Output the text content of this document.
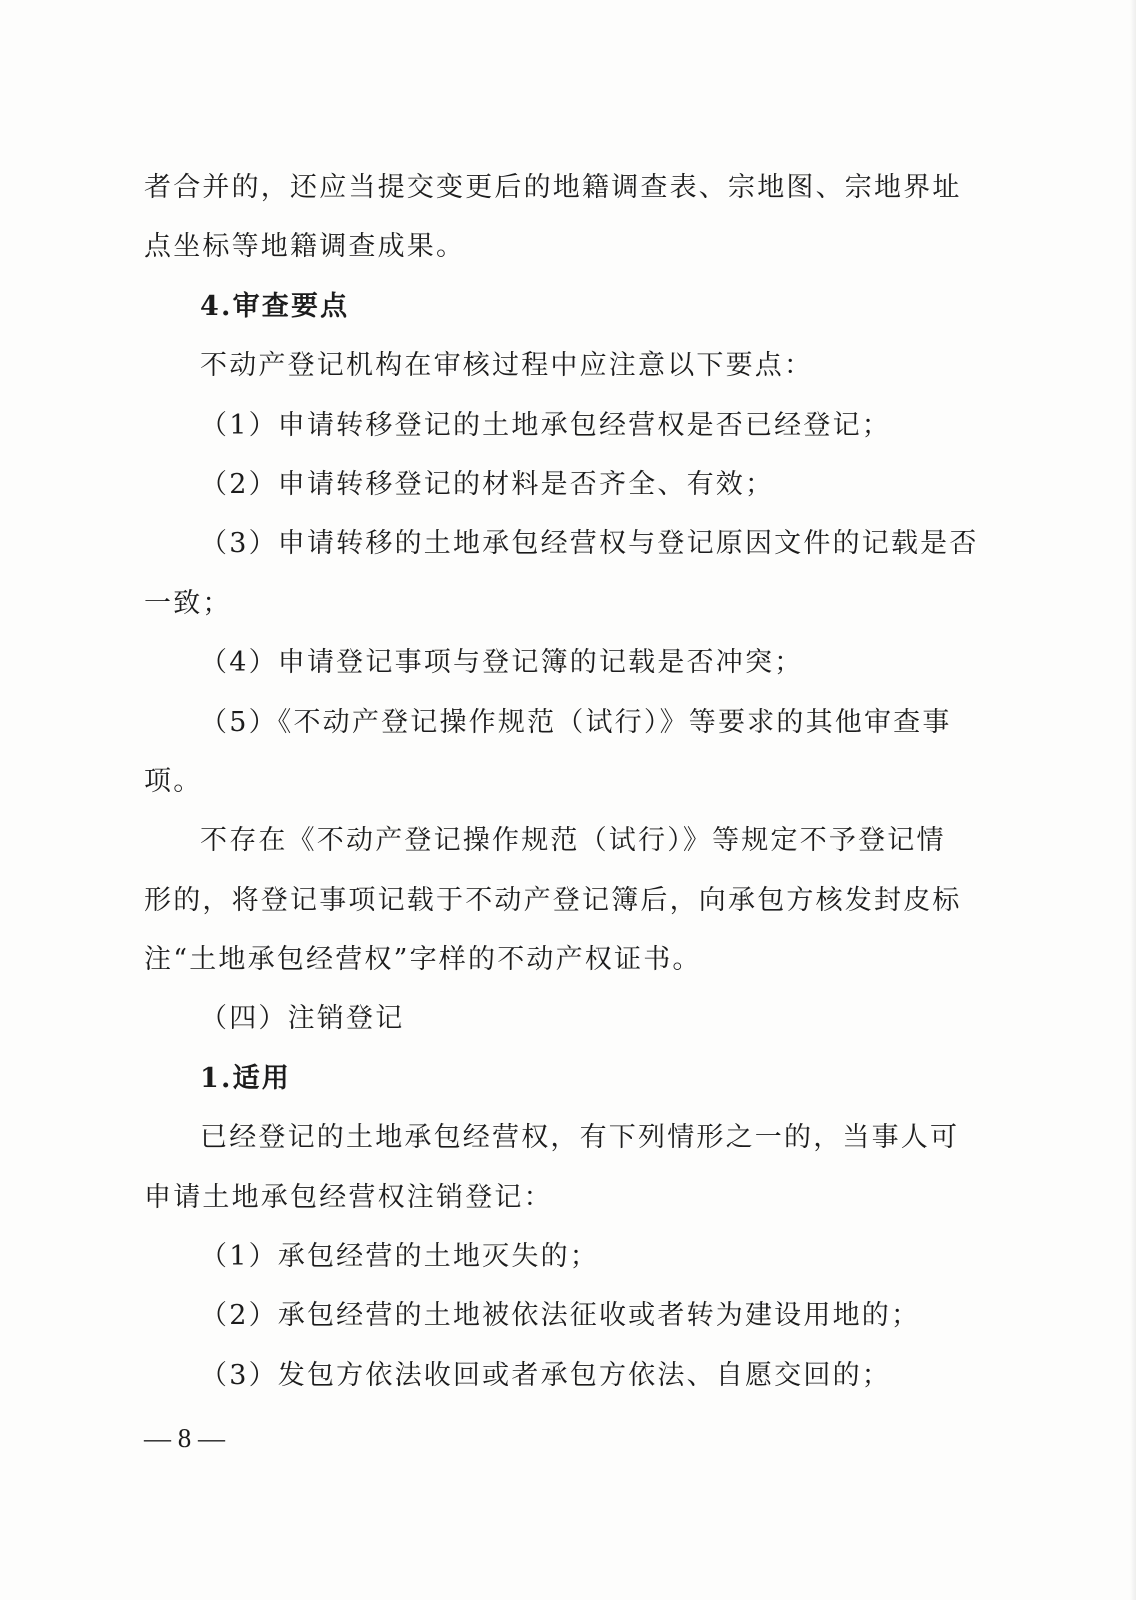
者合并的，还应当提交变更后的地籍调查表、宗地图、宗地界址
点坐标等地籍调查成果。
4.审查要点
不动产登记机构在审核过程中应注意以下要点：
（1）申请转移登记的土地承包经营权是否已经登记；
（2）申请转移登记的材料是否齐全、有效；
（3）申请转移的土地承包经营权与登记原因文件的记载是否
一致；
（4）申请登记事项与登记簿的记载是否冲突；
（5）《不动产登记操作规范（试行）》等要求的其他审查事
项。
不存在《不动产登记操作规范（试行）》等规定不予登记情
形的，将登记事项记载于不动产登记簿后，向承包方核发封皮标
注“土地承包经营权”字样的不动产权证书。
（四）注销登记
1.适用
已经登记的土地承包经营权，有下列情形之一的，当事人可
申请土地承包经营权注销登记：
（1）承包经营的土地灭失的；
（2）承包经营的土地被依法征收或者转为建设用地的；
（3）发包方依法收回或者承包方依法、自愿交回的；
— 8 —
